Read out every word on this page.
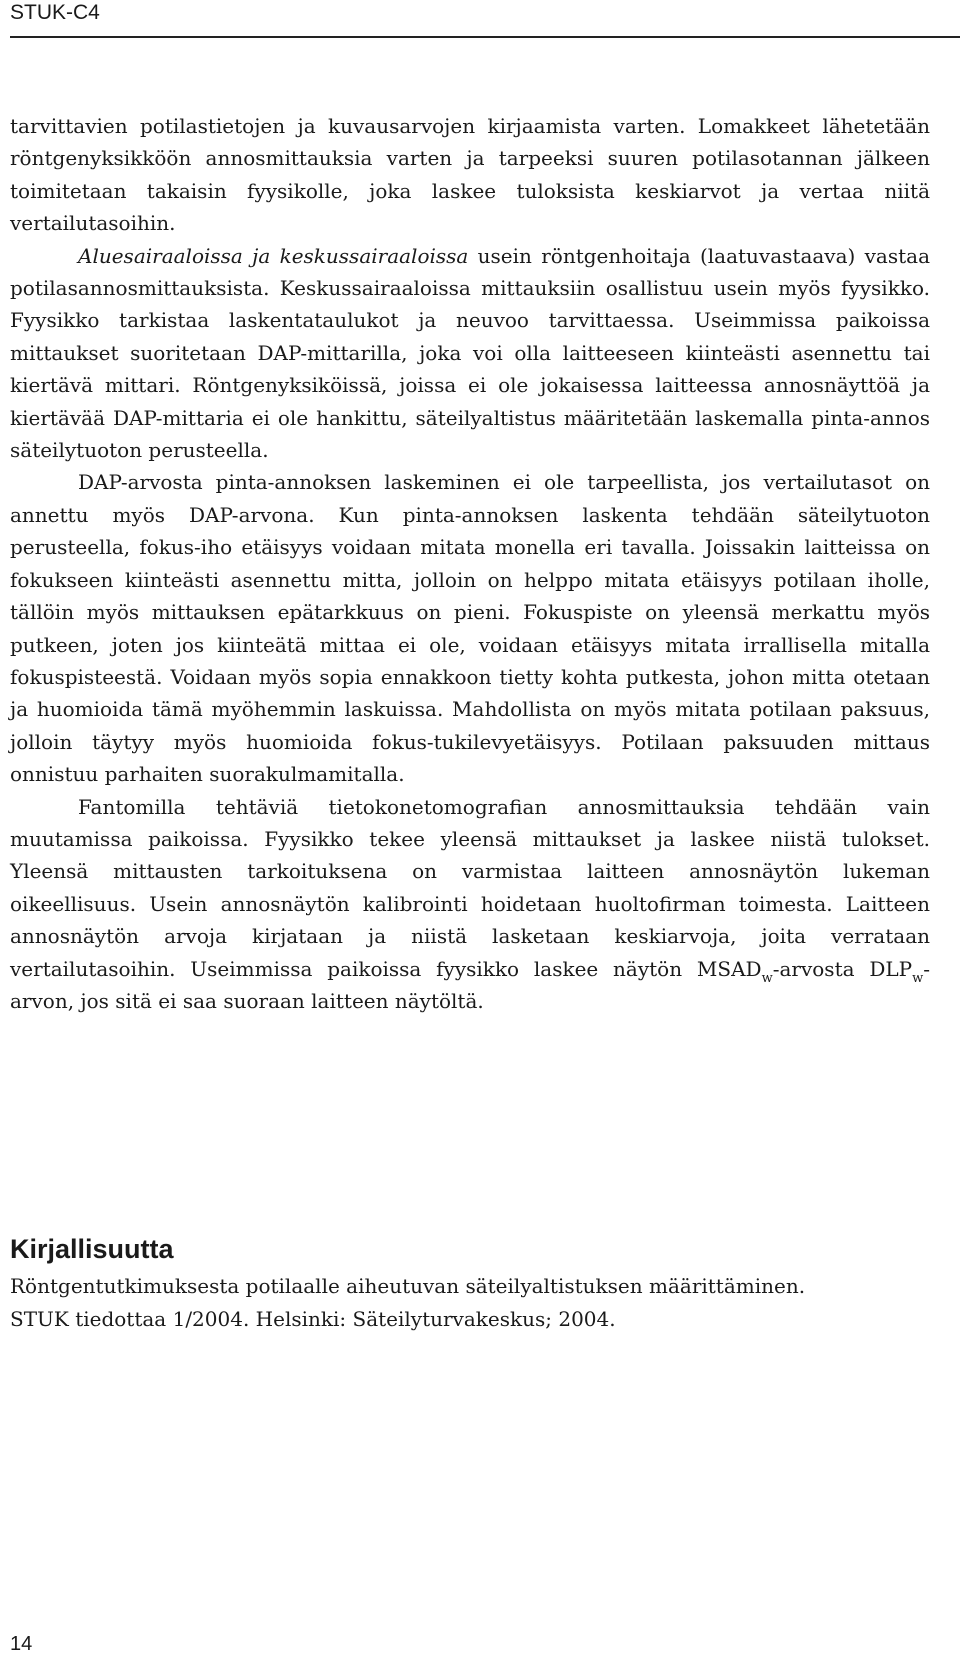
STUK-C4

tarvittavien potilastietojen ja kuvausarvojen kirjaamista varten. Lomakkeet lähetetään röntgenyksikköön annosmittauksia varten ja tarpeeksi suuren potilasotannan jälkeen toimitetaan takaisin fyysikolle, joka laskee tuloksista keskiarvot ja vertaa niitä vertailutasoihin.

Aluesairaaloissa ja keskussairaaloissa usein röntgenhoitaja (laatuvastaava) vastaa potilasannosmittauksista. Keskussairaaloissa mittauksiin osallistuu usein myös fyysikko. Fyysikko tarkistaa laskentataulukot ja neuvoo tarvittaessa. Useimmissa paikoissa mittaukset suoritetaan DAP-mittarilla, joka voi olla laitteeseen kiinteästi asennettu tai kiertävä mittari. Röntgenyksiköissä, joissa ei ole jokaisessa laitteessa annosnäyttöä ja kiertävää DAP-mittaria ei ole hankittu, säteilyaltistus määritetään laskemalla pinta-annos säteilytuoton perusteella.

DAP-arvosta pinta-annoksen laskeminen ei ole tarpeellista, jos vertailutasot on annettu myös DAP-arvona. Kun pinta-annoksen laskenta tehdään säteilytuoton perusteella, fokus-iho etäisyys voidaan mitata monella eri tavalla. Joissakin laitteissa on fokukseen kiinteästi asennettu mitta, jolloin on helppo mitata etäisyys potilaan iholle, tällöin myös mittauksen epätarkkuus on pieni. Fokuspiste on yleensä merkattu myös putkeen, joten jos kiinteätä mittaa ei ole, voidaan etäisyys mitata irrallisella mitalla fokuspisteestä. Voidaan myös sopia ennakkoon tietty kohta putkesta, johon mitta otetaan ja huomioida tämä myöhemmin laskuissa. Mahdollista on myös mitata potilaan paksuus, jolloin täytyy myös huomioida fokus-tukilevyetäisyys. Potilaan paksuuden mittaus onnistuu parhaiten suorakulmamitalla.

Fantomilla tehtäviä tietokonetomografian annosmittauksia tehdään vain muutamissa paikoissa. Fyysikko tekee yleensä mittaukset ja laskee niistä tulokset. Yleensä mittausten tarkoituksena on varmistaa laitteen annosnäytön lukeman oikeellisuus. Usein annosnäytön kalibrointi hoidetaan huoltofirman toimesta. Laitteen annosnäytön arvoja kirjataan ja niistä lasketaan keskiarvoja, joita verrataan vertailutasoihin. Useimmissa paikoissa fyysikko laskee näytön $MSAD_w$-arvosta $DLP_w$-arvon, jos sitä ei saa suoraan laitteen näytöltä.

Kirjallisuutta

Röntgentutkimuksesta potilaalle aiheutuvan säteilyaltistuksen määrittäminen.

STUK tiedottaa 1/2004. Helsinki: Säteilyturvakeskus; 2004.

14
